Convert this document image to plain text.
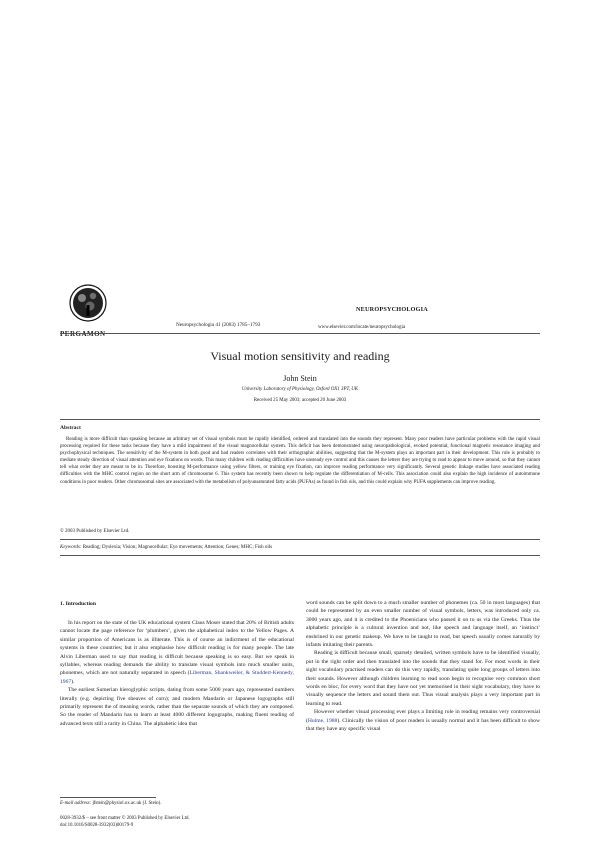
PERGAMON
Neuropsychologia 41 (2003) 1785–1793
NEUROPSYCHOLOGIA
www.elsevier.com/locate/neuropsychologia
Visual motion sensitivity and reading
John Stein
University Laboratory of Physiology, Oxford OX1 3PT, UK
Received 25 May 2003; accepted 20 June 2003
Abstract
Reading is more difficult than speaking because an arbitrary set of visual symbols must be rapidly identified, ordered and translated into the sounds they represent. Many poor readers have particular problems with the rapid visual processing required for these tasks because they have a mild impairment of the visual magnocellular system. This deficit has been demonstrated using neuropathological, evoked potential, functional magnetic resonance imaging and psychophysical techniques. The sensitivity of the M-system in both good and bad readers correlates with their orthographic abilities, suggesting that the M-system plays an important part in their development. This role is probably to mediate steady direction of visual attention and eye fixations on words. This many children with reading difficulties have unsteady eye control and this causes the letters they are trying to read to appear to move around, so that they cannot tell what order they are meant to be in. Therefore, boosting M-performance using yellow filters, or training eye fixation, can improve reading performance very significantly. Several genetic linkage studies have associated reading difficulties with the MHC control region on the short arm of chromosome 6. This system has recently been shown to help regulate the differentiation of M-cells. This association could also explain the high incidence of autoimmune conditions in poor readers. Other chromosomal sites are associated with the metabolism of polyunsaturated fatty acids (PUFAs) as found in fish oils, and this could explain why PUFA supplements can improve reading.
© 2003 Published by Elsevier Ltd.
Keywords: Reading; Dyslexia; Vision; Magnocellular; Eye movements; Attention; Genes; MHC; Fish oils
1. Introduction

In his report on the state of the UK educational system Claus Moser stated that 20% of British adults cannot locate the page reference for ‘plumbers’, given the alphabetical index to the Yellow Pages. A similar proportion of Americans is as illiterate. This is of course an indictment of the educational systems in these countries; but it also emphasise how difficult reading is for many people. The late Alvin Liberman used to say that reading is difficult because speaking is so easy. But we speak in syllables, whereas reading demands the ability to translate visual symbols into much smaller units, phonemes, which are not naturally separated in speech (Liberman, Shankweiler, & Studdert-Kennedy, 1967).

The earliest Sumerian hieroglyphic scripts, dating from some 5000 years ago, represented numbers literally (e.g. depicting five sheaves of corn); and modern Mandarin or Japanese logographs still primarily represent the of meaning words, rather than the separate sounds of which they are composed. So the reader of Mandarin has to learn at least 4000 different logographs, making fluent reading of advanced texts still a rarity in China. The alphabetic idea that

word sounds can be split down to a much smaller number of phonemes (ca. 50 in most languages) that could be represented by an even smaller number of visual symbols, letters, was introduced only ca. 3000 years ago, and it is credited to the Phoenicians who passed it on to us via the Greeks. Thus the alphabetic principle is a cultural invention and not, like speech and language itself, an ‘instinct’ enshrined in our genetic makeup. We have to be taught to read, but speech usually comes naturally by infants imitating their parents.

Reading is difficult because small, sparsely detailed, written symbols have to be identified visually, put in the right order and then translated into the sounds that they stand for. For most words in their sight vocabulary practised readers can do this very rapidly, translating quite long groups of letters into their sounds. However although children learning to read soon begin to recognise very common short words en bloc, for every word that they have not yet memorised in their sight vocabulary, they have to visually sequence the letters and sound them out. Thus visual analysis plays a very important part in learning to read.

However whether visual processing ever plays a limiting role in reading remains very controversial (Hulme, 1988). Clinically the vision of poor readers is usually normal and it has been difficult to show that they have any specific visual

E-mail address: jfstein@physiol.ox.ac.uk (J. Stein).
0028-3932/$ – see front matter © 2003 Published by Elsevier Ltd.
doi:10.1016/S0028-3932(03)00179-9
